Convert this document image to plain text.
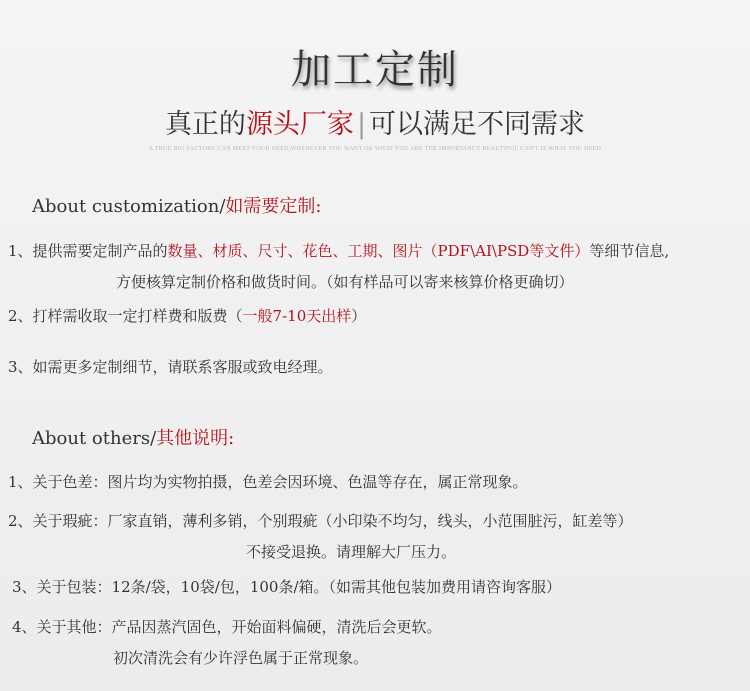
加工定制
真正的源头厂家 | 可以满足不同需求
A TRUE BIG FACTORY CAN MEET YOUR NEED,WHENEVER YOU WANT OR WHAT YOU ARE THE IMPORTANCY BEAUTIFUL CAN'T IS WHAT YOU NEED
About customization/如需要定制:
1、提供需要定制产品的数量、材质、尺寸、花色、工期、图片（PDF\AI\PSD等文件）等细节信息,
方便核算定制价格和做货时间。（如有样品可以寄来核算价格更确切）
2、打样需收取一定打样费和版费（一般7-10天出样）
3、如需更多定制细节，请联系客服或致电经理。
About others/其他说明:
1、关于色差：图片均为实物拍摄，色差会因环境、色温等存在，属正常现象。
2、关于瑕疵：厂家直销，薄利多销，个别瑕疵（小印染不均匀，线头，小范围脏污，缸差等）
不接受退换。请理解大厂压力。
3、关于包装：12条/袋，10袋/包，100条/箱。（如需其他包装加费用请咨询客服）
4、关于其他：产品因蒸汽固色，开始面料偏硬，清洗后会更软。
初次清洗会有少许浮色属于正常现象。
